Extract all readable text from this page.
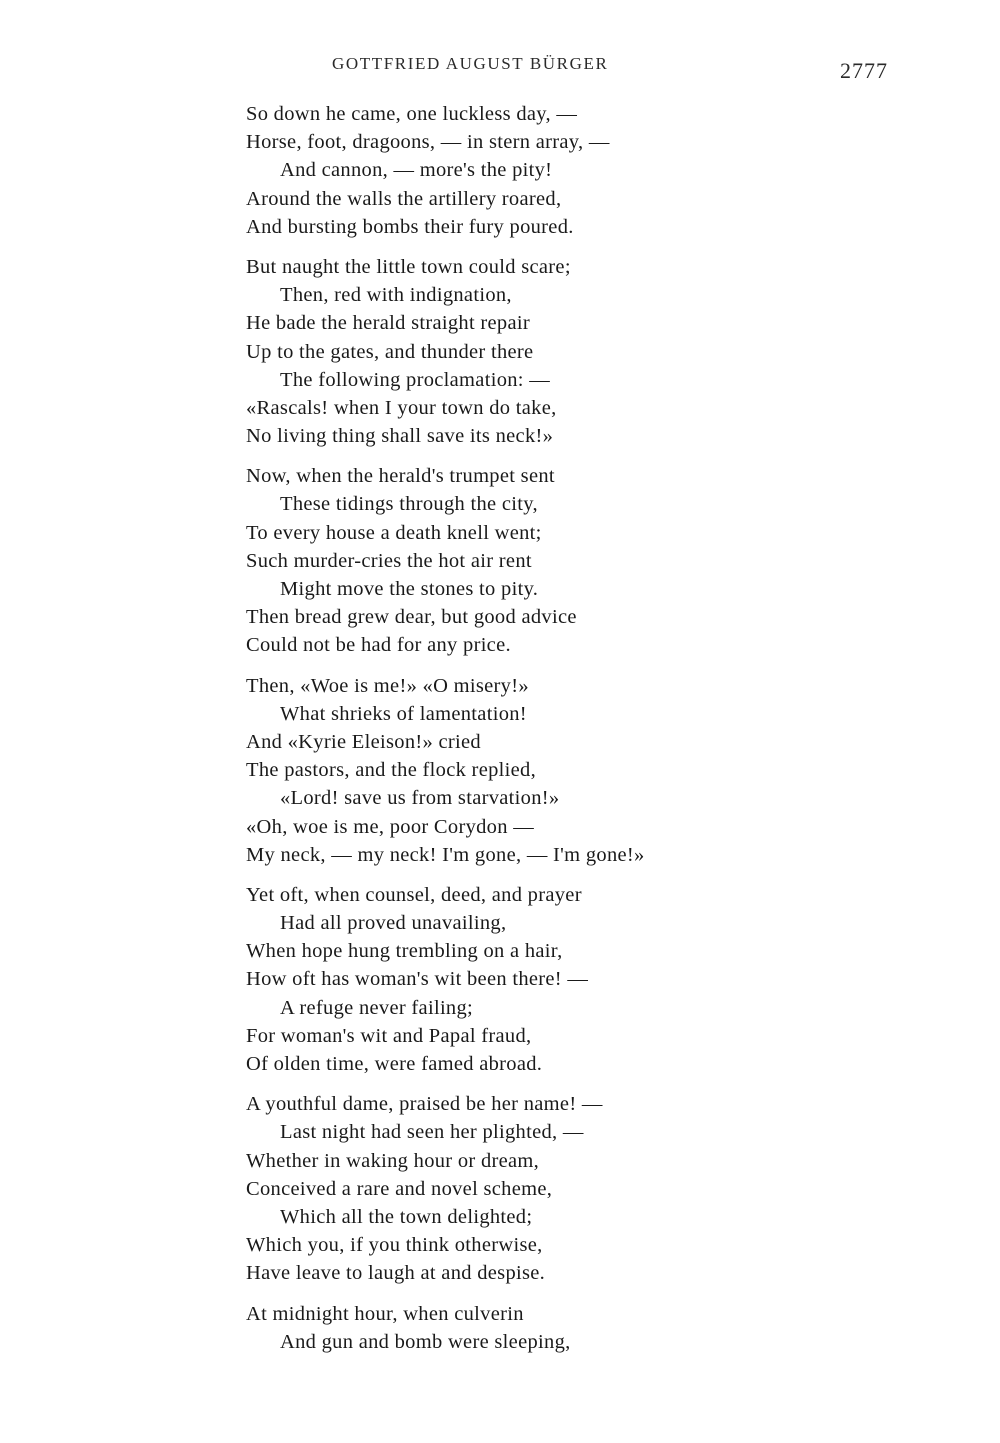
GOTTFRIED AUGUST BÜRGER	2777
So down he came, one luckless day, —
Horse, foot, dragoons, — in stern array, —
And cannon, — more's the pity!
Around the walls the artillery roared,
And bursting bombs their fury poured.
But naught the little town could scare;
Then, red with indignation,
He bade the herald straight repair
Up to the gates, and thunder there
The following proclamation: —
«Rascals! when I your town do take,
No living thing shall save its neck!»
Now, when the herald's trumpet sent
These tidings through the city,
To every house a death knell went;
Such murder-cries the hot air rent
Might move the stones to pity.
Then bread grew dear, but good advice
Could not be had for any price.
Then, «Woe is me!» «O misery!»
What shrieks of lamentation!
And «Kyrie Eleison!» cried
The pastors, and the flock replied,
«Lord! save us from starvation!»
«Oh, woe is me, poor Corydon —
My neck, — my neck! I'm gone, — I'm gone!»
Yet oft, when counsel, deed, and prayer
Had all proved unavailing,
When hope hung trembling on a hair,
How oft has woman's wit been there! —
A refuge never failing;
For woman's wit and Papal fraud,
Of olden time, were famed abroad.
A youthful dame, praised be her name! —
Last night had seen her plighted, —
Whether in waking hour or dream,
Conceived a rare and novel scheme,
Which all the town delighted;
Which you, if you think otherwise,
Have leave to laugh at and despise.
At midnight hour, when culverin
And gun and bomb were sleeping,
